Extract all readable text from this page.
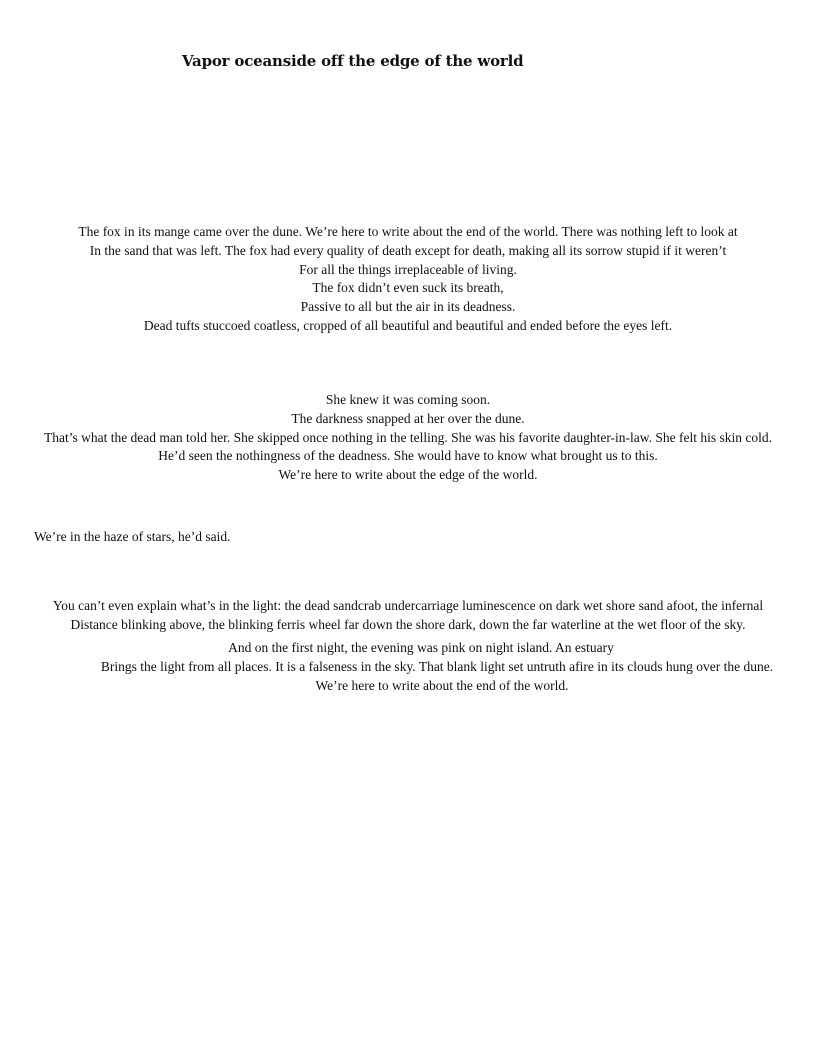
Vapor oceanside off the edge of the world

The fox in its mange came over the dune. We’re here to write about the end of the world. There was nothing left to look at
In the sand that was left. The fox had every quality of death except for death, making all its sorrow stupid if it weren’t
For all the things irreplaceable of living.
The fox didn’t even suck its breath,
Passive to all but the air in its deadness.
Dead tufts stuccoed coatless, cropped of all beautiful and beautiful and ended before the eyes left.

She knew it was coming soon.
The darkness snapped at her over the dune.
That’s what the dead man told her. She skipped once nothing in the telling. She was his favorite daughter-in-law. She felt his skin cold.
He’d seen the nothingness of the deadness. She would have to know what brought us to this.
We’re here to write about the edge of the world.

We’re in the haze of stars, he’d said.

You can’t even explain what’s in the light: the dead sandcrab undercarriage luminescence on dark wet shore sand afoot, the infernal
Distance blinking above, the blinking ferris wheel far down the shore dark, down the far waterline at the wet floor of the sky.

And on the first night, the evening was pink on night island. An estuary
Brings the light from all places. It is a falseness in the sky. That blank light set untruth afire in its clouds hung over the dune.
We’re here to write about the end of the world.
